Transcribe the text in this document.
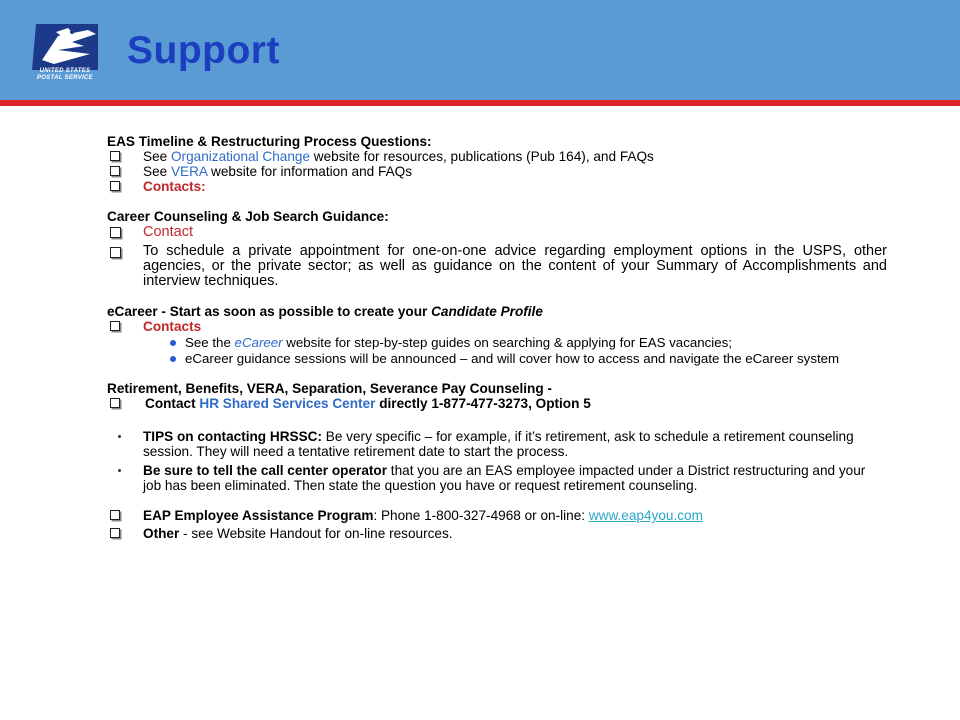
UNITED STATES
POSTAL SERVICE
Support
EAS Timeline & Restructuring Process Questions:
See Organizational Change website for resources, publications (Pub 164), and FAQs
See VERA website for information and FAQs
Contacts:
Career Counseling & Job Search Guidance:
Contact
To schedule a private appointment for one-on-one advice regarding employment options in the USPS, other agencies, or the private sector; as well as guidance on the content of your Summary of Accomplishments and interview techniques.
eCareer - Start as soon as possible to create your Candidate Profile
Contacts
See the eCareer website for step-by-step guides on searching & applying for EAS vacancies;
eCareer guidance sessions will be announced – and will cover how to access and navigate the eCareer system
Retirement, Benefits, VERA, Separation, Severance Pay Counseling -
Contact HR Shared Services Center directly 1-877-477-3273, Option 5
TIPS on contacting HRSSC: Be very specific – for example, if it’s retirement, ask to schedule a retirement counseling session. They will need a tentative retirement date to start the process.
Be sure to tell the call center operator that you are an EAS employee impacted under a District restructuring and your job has been eliminated. Then state the question you have or request retirement counseling.
EAP Employee Assistance Program: Phone 1-800-327-4968 or on-line: www.eap4you.com
Other - see Website Handout for on-line resources.
